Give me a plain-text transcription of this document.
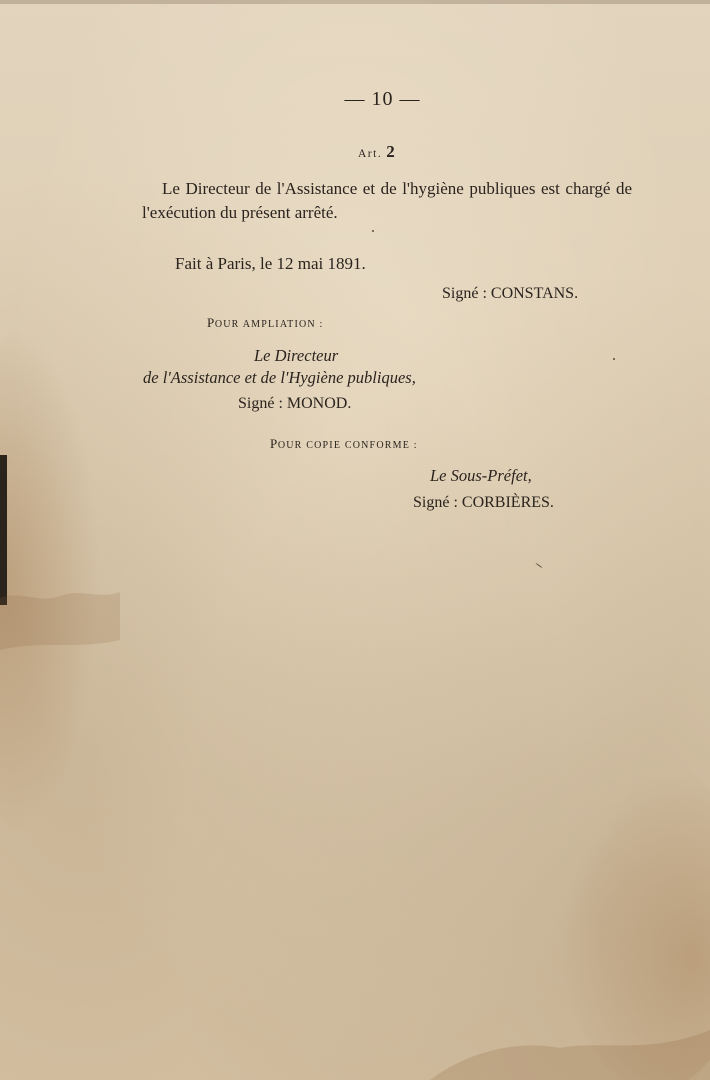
— 10 —
Art. 2
Le Directeur de l'Assistance et de l'hygiène publiques est chargé de l'exécution du présent arrêté.
Fait à Paris, le 12 mai 1891.
Signé : CONSTANS.
POUR AMPLIATION :
Le Directeur
de l'Assistance et de l'Hygiène publiques,
Signé : MONOD.
POUR COPIE CONFORME :
Le Sous-Préfet,
Signé : CORBIÈRES.
